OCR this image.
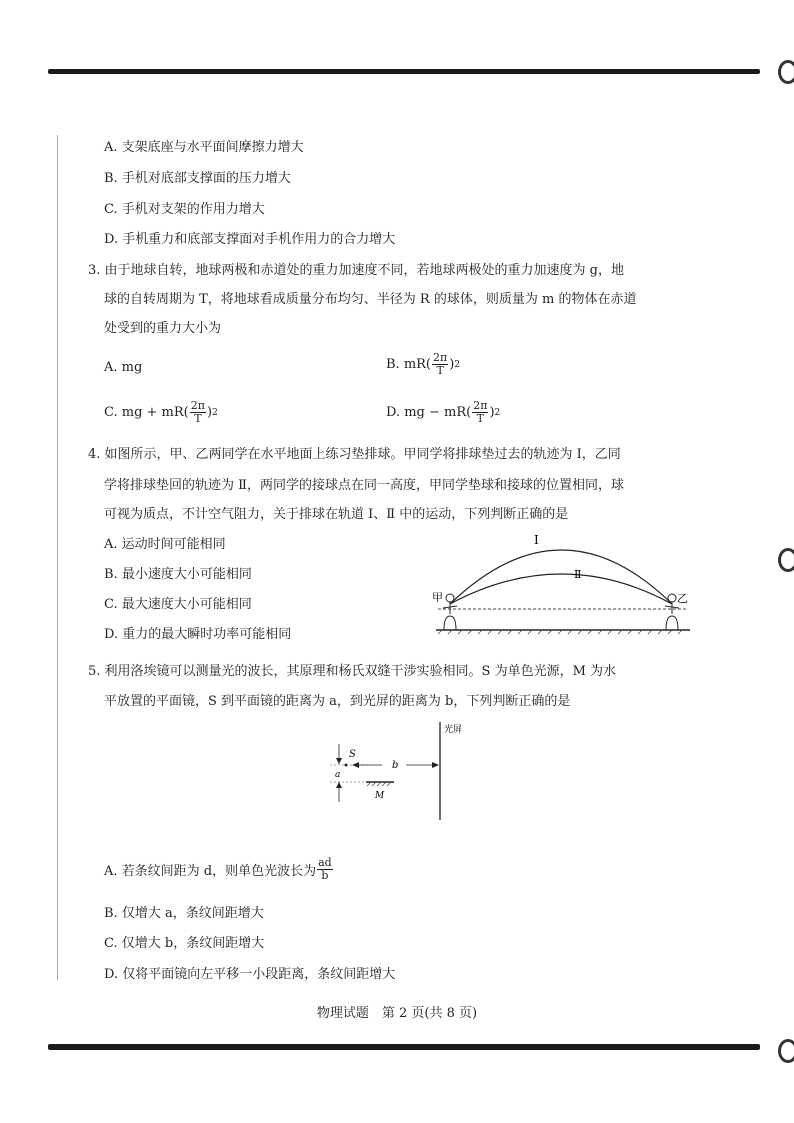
A. 支架底座与水平面间摩擦力增大
B. 手机对底部支撑面的压力增大
C. 手机对支架的作用力增大
D. 手机重力和底部支撑面对手机作用力的合力增大
3. 由于地球自转，地球两极和赤道处的重力加速度不同，若地球两极处的重力加速度为 g，地
球的自转周期为 T，将地球看成质量分布均匀、半径为 R 的球体，则质量为 m 的物体在赤道
处受到的重力大小为
A. mg	B. $mR( \frac{2\pi}{T}$ ) 2
C. mg + $mR( \frac{2\pi}{T}$ ) 2	D. mg − $mR( \frac{2\pi}{T}$ ) 2
4. 如图所示，甲、乙两同学在水平地面上练习垫排球。甲同学将排球垫过去的轨迹为 Ⅰ，乙同
学将排球垫回的轨迹为 Ⅱ，两同学的接球点在同一高度，甲同学垫球和接球的位置相同，球
可视为质点，不计空气阻力，关于排球在轨道 Ⅰ、Ⅱ 中的运动，下列判断正确的是
A. 运动时间可能相同
B. 最小速度大小可能相同
C. 最大速度大小可能相同
D. 重力的最大瞬时功率可能相同
Ⅰ
Ⅱ
甲	乙
5. 利用洛埃镜可以测量光的波长，其原理和杨氏双缝干涉实验相同。S 为单色光源，M 为水
平放置的平面镜，S 到平面镜的距离为 a，到光屏的距离为 b，下列判断正确的是
光屏
S
a
b
M
A. 若条纹间距为 d，则单色光波长为 $\frac{ad}{b}$
B. 仅增大 a，条纹间距增大
C. 仅增大 b，条纹间距增大
D. 仅将平面镜向左平移一小段距离，条纹间距增大
物理试题　第 2 页(共 8 页)
